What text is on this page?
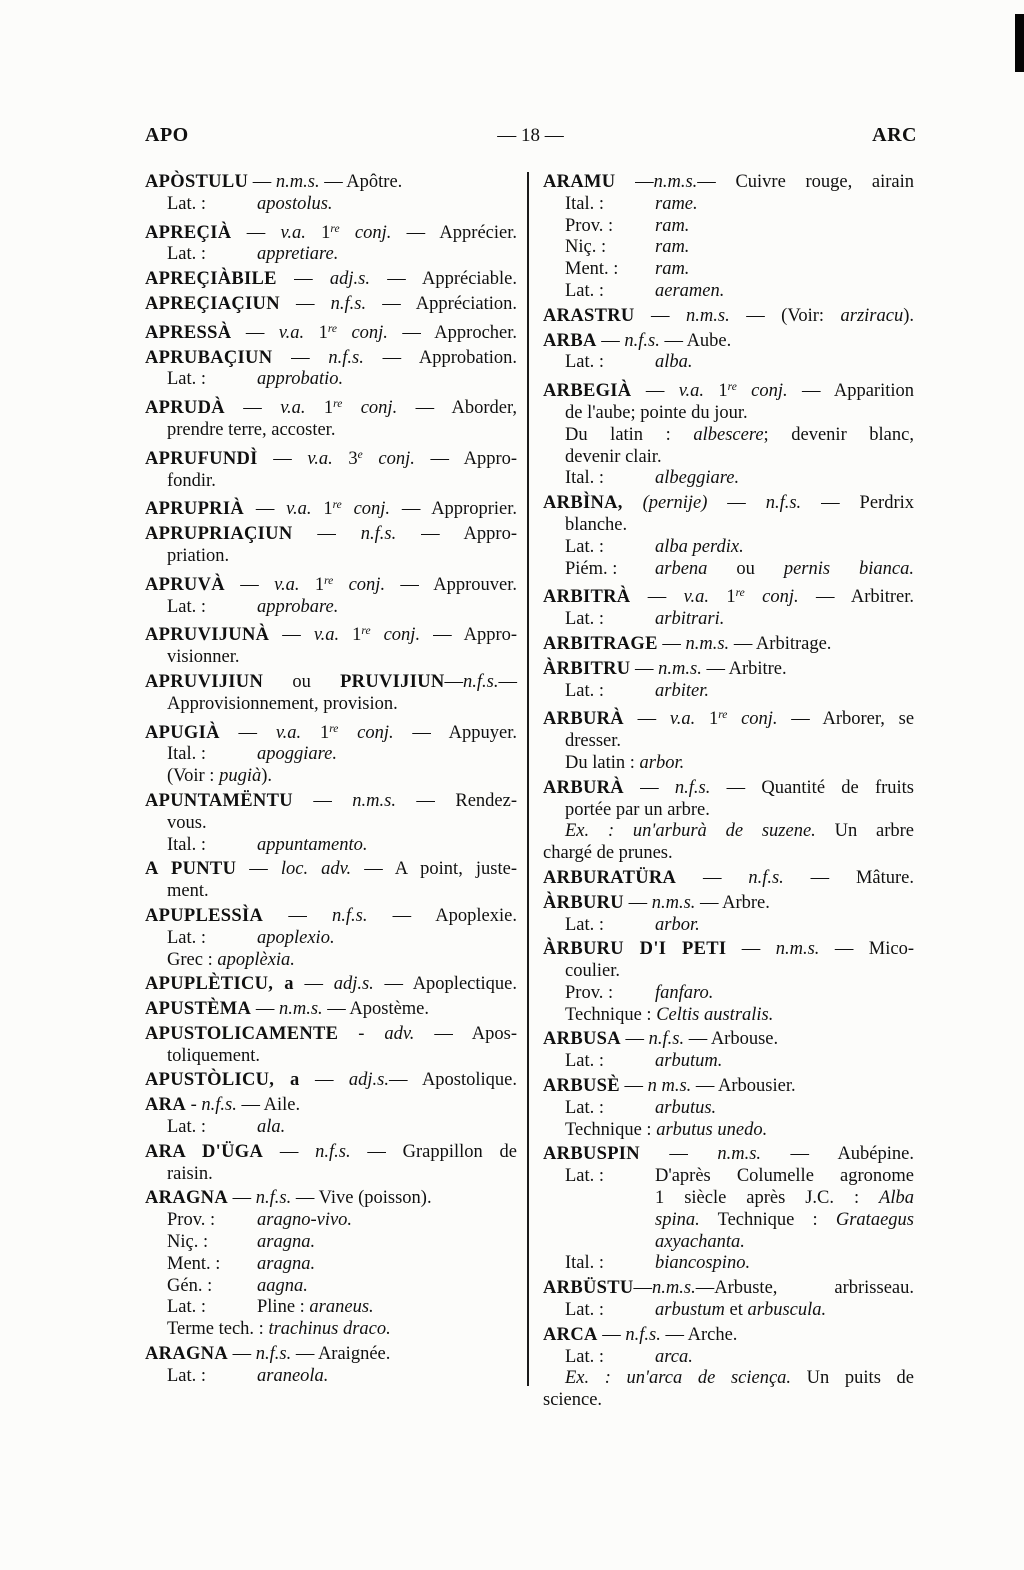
APO	— 18 —	ARC
APÒSTULU — n.m.s. — Apôtre.
Lat. :	apostolus.
APREÇIÀ — v.a. 1re conj. — Apprécier.
Lat. :	appretiare.
APREÇIÀBILE — adj.s. — Appréciable.
APREÇIAÇIUN — n.f.s. — Appréciation.
APRESSÀ — v.a. 1re conj. — Approcher.
APRUBAÇIUN — n.f.s. — Approbation.
Lat. :	approbatio.
APRUDÀ — v.a. 1re conj. — Aborder,
prendre terre, accoster.
APRUFUNDÌ — v.a. 3e conj. — Appro-
fondir.
APRUPRIÀ — v.a. 1re conj. — Approprier.
APRUPRIAÇIUN — n.f.s. — Appro-
priation.
APRUVÀ — v.a. 1re conj. — Approuver.
Lat. :	approbare.
APRUVIJUNÀ — v.a. 1re conj. — Appro-
visionner.
APRUVIJIUN ou PRUVIJIUN—n.f.s.—
Approvisionnement, provision.
APUGIÀ — v.a. 1re conj. — Appuyer.
Ital. :	apoggiare.
(Voir : pugià).
APUNTAMËNTU — n.m.s. — Rendez-
vous.
Ital. :	appuntamento.
A PUNTU — loc. adv. — A point, juste-
ment.
APUPLESSÌA — n.f.s. — Apoplexie.
Lat. :	apoplexio.
Grec : apoplèxia.
APUPLÈTICU, a — adj.s. — Apoplectique.
APUSTÈMA — n.m.s. — Apostème.
APUSTOLICAMENTE - adv. — Apos-
toliquement.
APUSTÒLICU, a — adj.s.— Apostolique.
ARA - n.f.s. — Aile.
Lat. :	ala.
ARA D'ÜGA — n.f.s. — Grappillon de
raisin.
ARAGNA — n.f.s. — Vive (poisson).
Prov. : aragno-vivo.
Niç. :	aragna.
Ment. : aragna.
Gén. : aagna.
Lat. :	Pline : araneus.
Terme tech. : trachinus draco.
ARAGNA — n.f.s. — Araignée.
Lat. :	araneola.
ARAMU —n.m.s.— Cuivre rouge, airain
Ital. :	rame.
Prov. : ram.
Niç. :	ram.
Ment. : ram.
Lat. :	aeramen.
ARASTRU — n.m.s. — (Voir: arziracu).
ARBA — n.f.s. — Aube.
Lat. :	alba.
ARBEGIÀ — v.a. 1re conj. — Apparition
de l'aube; pointe du jour.
Du latin : albescere; devenir blanc,
devenir clair.
Ital. :	albeggiare.
ARBÌNA, (pernije) — n.f.s. — Perdrix
blanche.
Lat. :	alba perdix.
Piém. : arbena ou pernis bianca.
ARBITRÀ — v.a. 1re conj. — Arbitrer.
Lat. :	arbitrari.
ARBITRAGE — n.m.s. — Arbitrage.
ÀRBITRU — n.m.s. — Arbitre.
Lat. :	arbiter.
ARBURÀ — v.a. 1re conj. — Arborer, se
dresser.
Du latin : arbor.
ARBURÀ — n.f.s. — Quantité de fruits
portée par un arbre.
Ex. : un'arburà de suzene. Un arbre
chargé de prunes.
ARBURATÜRA — n.f.s. — Mâture.
ÀRBURU — n.m.s. — Arbre.
Lat. :	arbor.
ÀRBURU D'I PETI — n.m.s. — Mico-
coulier.
Prov. : fanfaro.
Technique : Celtis australis.
ARBUSA — n.f.s. — Arbouse.
Lat. :	arbutum.
ARBUSÈ — n m.s. — Arbousier.
Lat. :	arbutus.
Technique : arbutus unedo.
ARBUSPIN — n.m.s. — Aubépine.
Lat. :	D'après Columelle agronome
1 siècle après J.C. : Alba
spina. Technique : Grataegus
axyachanta.
Ital. :	biancospino.
ARBÜSTU—n.m.s.—Arbuste, arbrisseau.
Lat. :	arbustum et arbuscula.
ARCA — n.f.s. — Arche.
Lat. :	arca.
Ex. : un'arca de sciença. Un puits de
science.
